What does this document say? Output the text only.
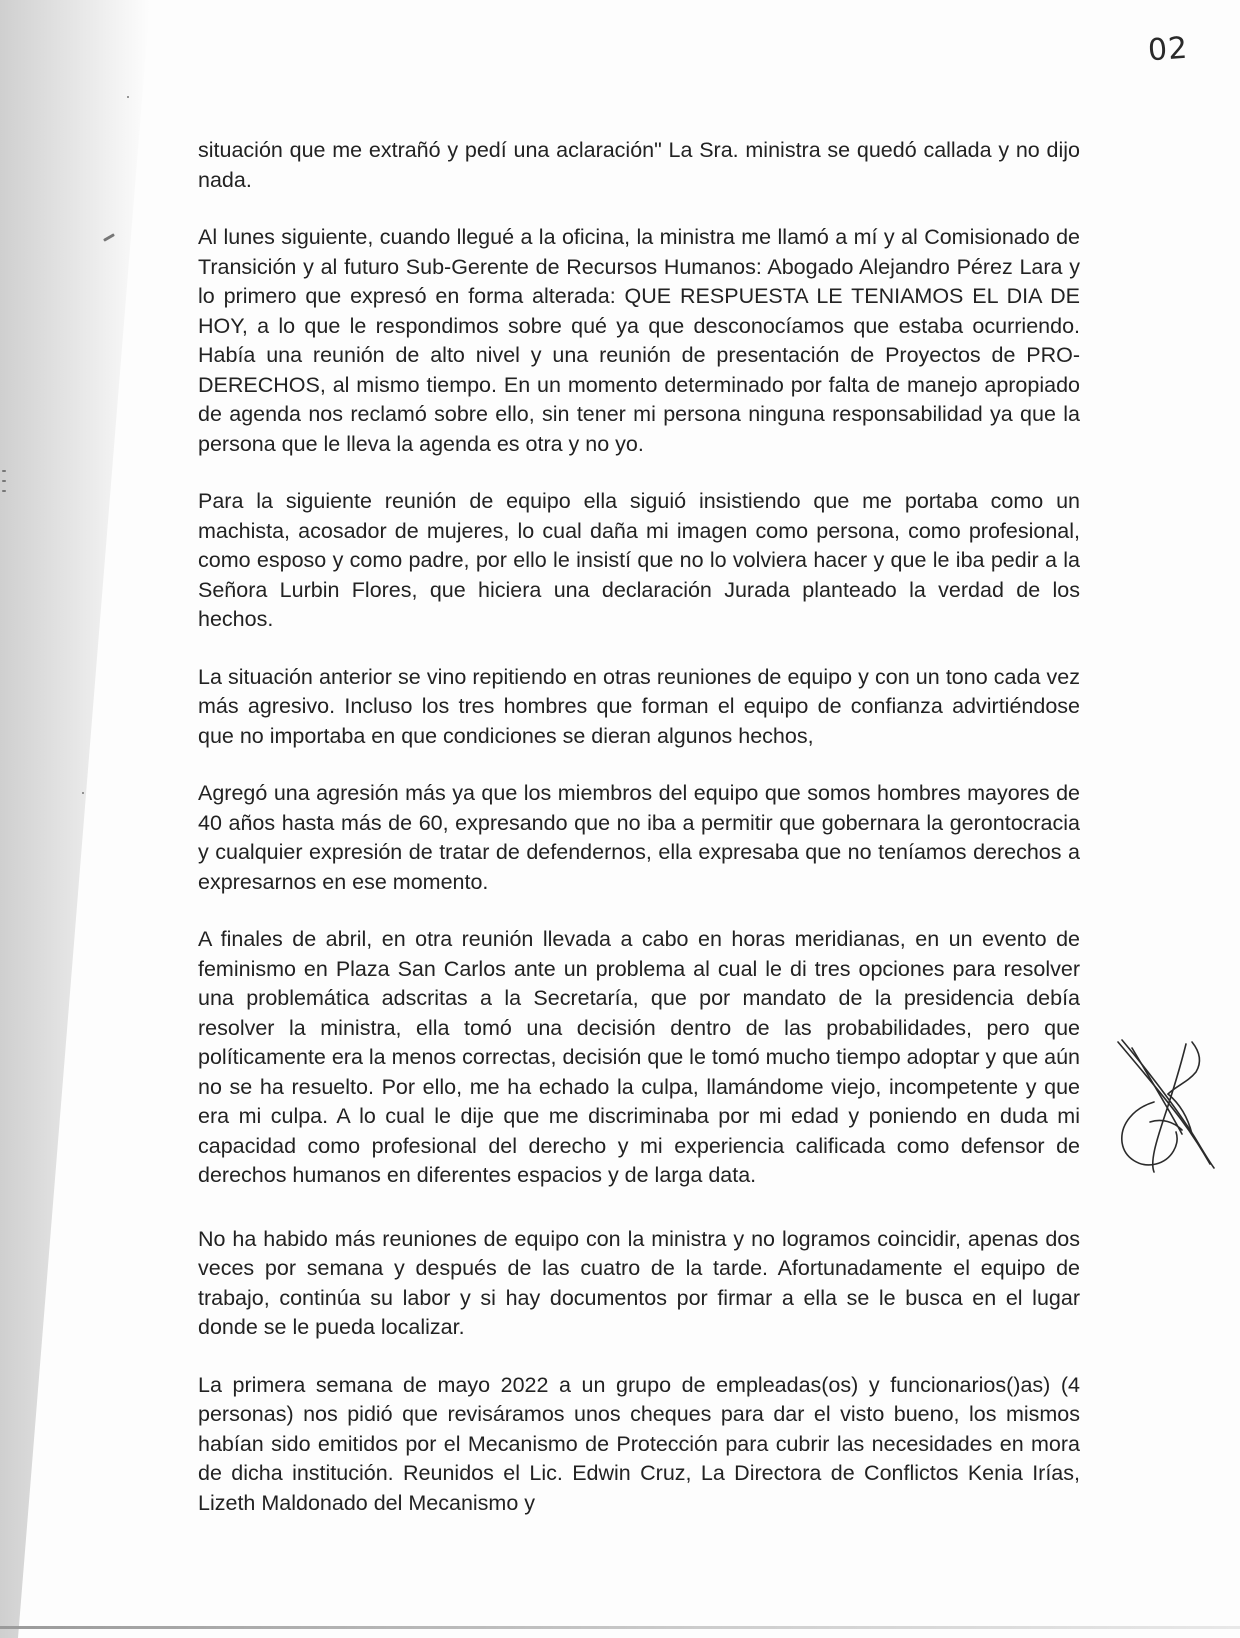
02

situación que me extrañó y pedí una aclaración" La Sra. ministra se quedó callada y no dijo nada.

Al lunes siguiente, cuando llegué a la oficina, la ministra me llamó a mí y al Comisionado de Transición y al futuro Sub-Gerente de Recursos Humanos: Abogado Alejandro Pérez Lara y lo primero que expresó en forma alterada: QUE RESPUESTA LE TENIAMOS EL DIA DE HOY, a lo que le respondimos sobre qué ya que desconocíamos que estaba ocurriendo. Había una reunión de alto nivel y una reunión de presentación de Proyectos de PRO-DERECHOS, al mismo tiempo. En un momento determinado por falta de manejo apropiado de agenda nos reclamó sobre ello, sin tener mi persona ninguna responsabilidad ya que la persona que le lleva la agenda es otra y no yo.

Para la siguiente reunión de equipo ella siguió insistiendo que me portaba como un machista, acosador de mujeres, lo cual daña mi imagen como persona, como profesional, como esposo y como padre, por ello le insistí que no lo volviera hacer y que le iba pedir a la Señora Lurbin Flores, que hiciera una declaración Jurada planteado la verdad de los hechos.

La situación anterior se vino repitiendo en otras reuniones de equipo y con un tono cada vez más agresivo. Incluso los tres hombres que forman el equipo de confianza advirtiéndose que no importaba en que condiciones se dieran algunos hechos,

Agregó una agresión más ya que los miembros del equipo que somos hombres mayores de 40 años hasta más de 60, expresando que no iba a permitir que gobernara la gerontocracia y cualquier expresión de tratar de defendernos, ella expresaba que no teníamos derechos a expresarnos en ese momento.

A finales de abril, en otra reunión llevada a cabo en horas meridianas, en un evento de feminismo en Plaza San Carlos ante un problema al cual le di tres opciones para resolver una problemática adscritas a la Secretaría, que por mandato de la presidencia debía resolver la ministra, ella tomó una decisión dentro de las probabilidades, pero que políticamente era la menos correctas, decisión que le tomó mucho tiempo adoptar y que aún no se ha resuelto. Por ello, me ha echado la culpa, llamándome viejo, incompetente y que era mi culpa. A lo cual le dije que me discriminaba por mi edad y poniendo en duda mi capacidad como profesional del derecho y mi experiencia calificada como defensor de derechos humanos en diferentes espacios y de larga data.

No ha habido más reuniones de equipo con la ministra y no logramos coincidir, apenas dos veces por semana y después de las cuatro de la tarde. Afortunadamente el equipo de trabajo, continúa su labor y si hay documentos por firmar a ella se le busca en el lugar donde se le pueda localizar.

La primera semana de mayo 2022 a un grupo de empleadas(os) y funcionarios()as) (4 personas) nos pidió que revisáramos unos cheques para dar el visto bueno, los mismos habían sido emitidos por el Mecanismo de Protección para cubrir las necesidades en mora de dicha institución. Reunidos el Lic. Edwin Cruz, La Directora de Conflictos Kenia Irías, Lizeth Maldonado del Mecanismo y
